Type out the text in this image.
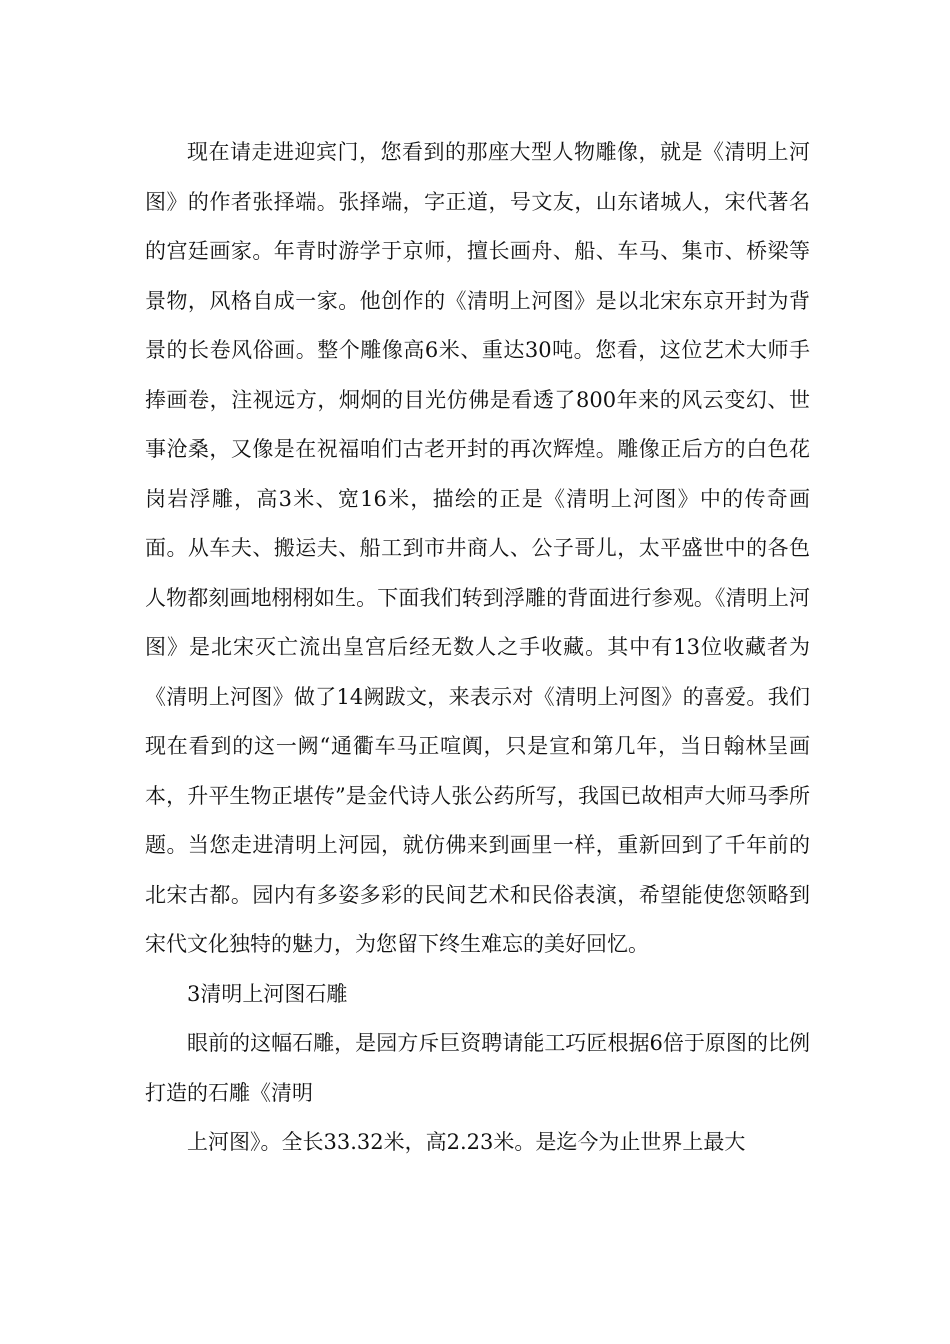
现在请走进迎宾门，您看到的那座大型人物雕像，就是《清明上河图》的作者张择端。张择端，字正道，号文友，山东诸城人，宋代著名的宫廷画家。年青时游学于京师，擅长画舟、船、车马、集市、桥梁等景物，风格自成一家。他创作的《清明上河图》是以北宋东京开封为背景的长卷风俗画。整个雕像高6米、重达30吨。您看，这位艺术大师手捧画卷，注视远方，炯炯的目光仿佛是看透了800年来的风云变幻、世事沧桑，又像是在祝福咱们古老开封的再次辉煌。雕像正后方的白色花岗岩浮雕，高3米、宽16米，描绘的正是《清明上河图》中的传奇画面。从车夫、搬运夫、船工到市井商人、公子哥儿，太平盛世中的各色人物都刻画地栩栩如生。下面我们转到浮雕的背面进行参观。《清明上河图》是北宋灭亡流出皇宫后经无数人之手收藏。其中有13位收藏者为《清明上河图》做了14阙跋文，来表示对《清明上河图》的喜爱。我们现在看到的这一阙“通衢车马正喧阗，只是宣和第几年，当日翰林呈画本，升平生物正堪传”是金代诗人张公药所写，我国已故相声大师马季所题。当您走进清明上河园，就仿佛来到画里一样，重新回到了千年前的北宋古都。园内有多姿多彩的民间艺术和民俗表演，希望能使您领略到宋代文化独特的魅力，为您留下终生难忘的美好回忆。

3清明上河图石雕

眼前的这幅石雕，是园方斥巨资聘请能工巧匠根据6倍于原图的比例打造的石雕《清明

上河图》。全长33.32米，高2.23米。是迄今为止世界上最大
